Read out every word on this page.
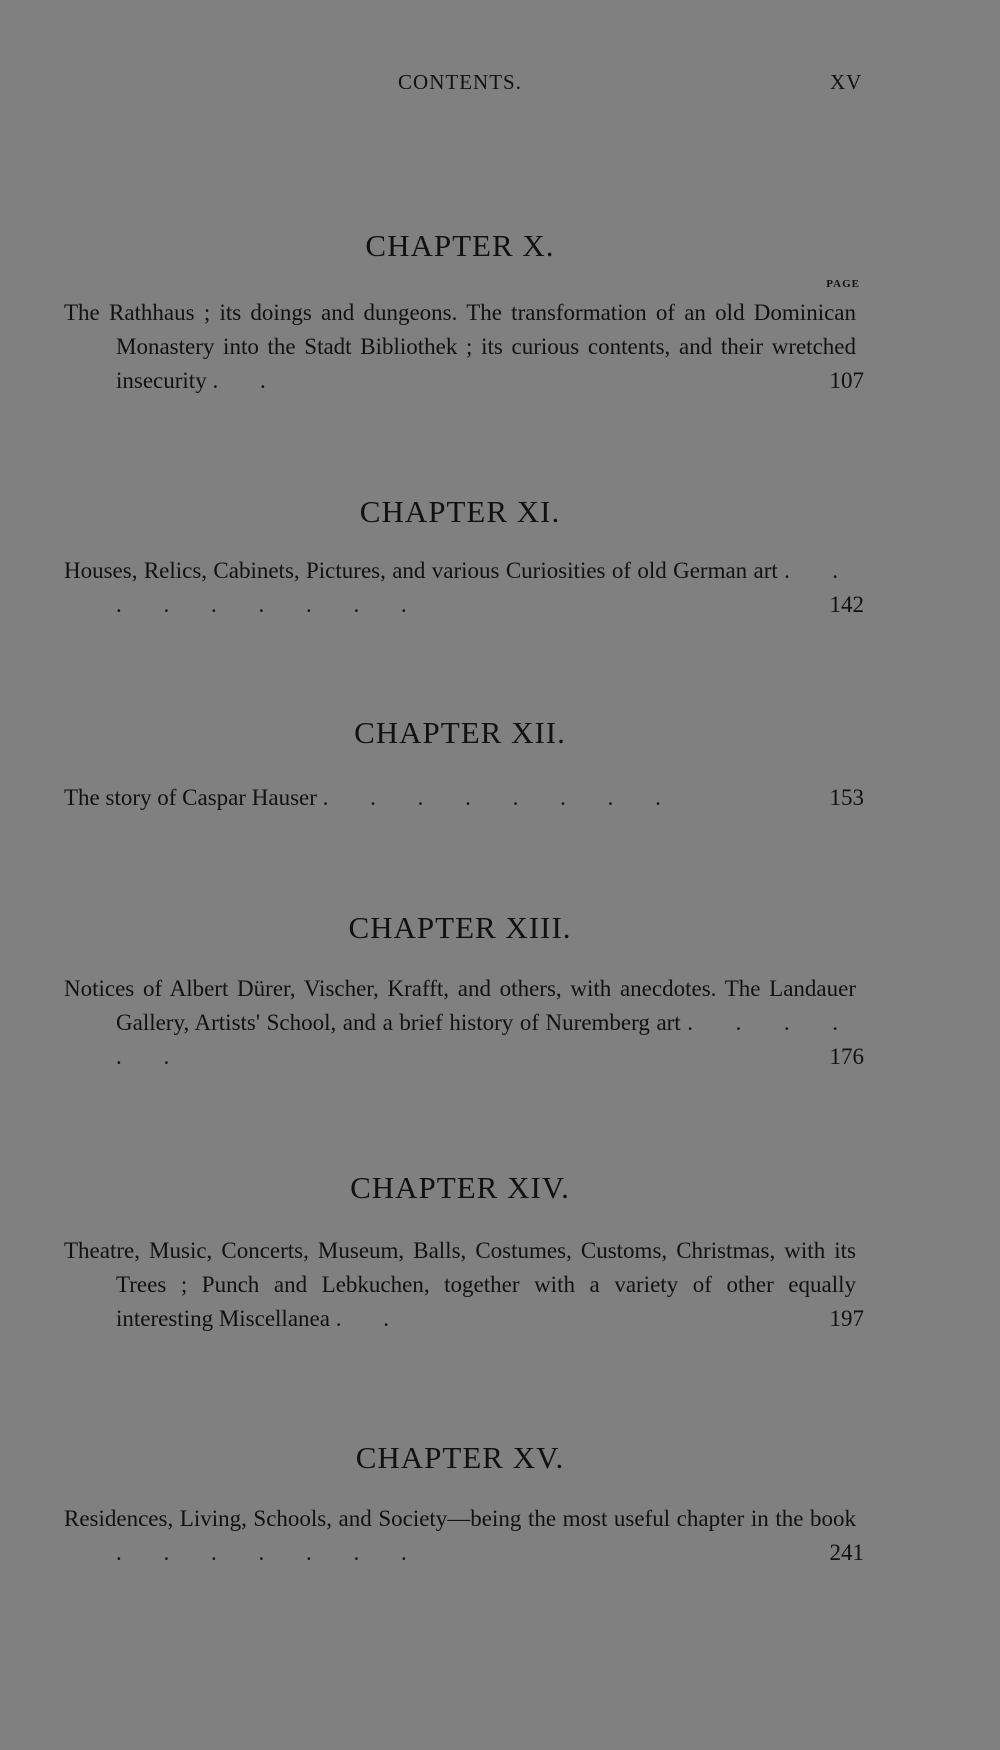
CONTENTS.	XV
CHAPTER X.
PAGE

The Rathhaus ; its doings and dungeons. The transformation of an old Dominican Monastery into the Stadt Bibliothek ; its curious contents, and their wretched insecurity . .	107
CHAPTER XI.

Houses, Relics, Cabinets, Pictures, and various Curiosities of old German art . . . . . . . . .	142
CHAPTER XII.

The story of Caspar Hauser . . . . . . . .	153
CHAPTER XIII.

Notices of Albert Dürer, Vischer, Krafft, and others, with anecdotes. The Landauer Gallery, Artists' School, and a brief history of Nuremberg art . . . . . .	176
CHAPTER XIV.

Theatre, Music, Concerts, Museum, Balls, Costumes, Customs, Christmas, with its Trees ; Punch and Lebkuchen, together with a variety of other equally interesting Miscellanea . .	197
CHAPTER XV.

Residences, Living, Schools, and Society—being the most useful chapter in the book . . . . . . .	241
